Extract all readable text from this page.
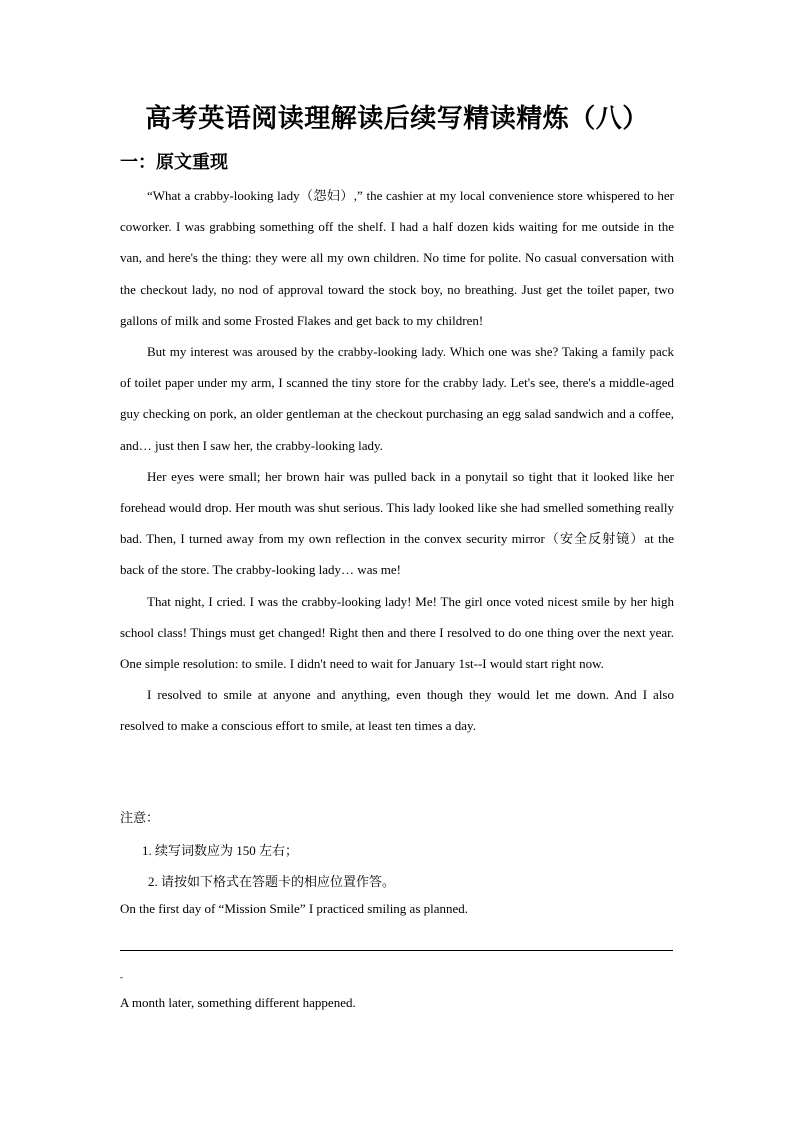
高考英语阅读理解读后续写精读精炼（八）
一：原文重现

“What a crabby-looking lady（怨妇）,” the cashier at my local convenience store whispered to her coworker. I was grabbing something off the shelf. I had a half dozen kids waiting for me outside in the van, and here's the thing: they were all my own children. No time for polite. No casual conversation with the checkout lady, no nod of approval toward the stock boy, no breathing. Just get the toilet paper, two gallons of milk and some Frosted Flakes and get back to my children!

But my interest was aroused by the crabby-looking lady. Which one was she? Taking a family pack of toilet paper under my arm, I scanned the tiny store for the crabby lady. Let's see, there's a middle-aged guy checking on pork, an older gentleman at the checkout purchasing an egg salad sandwich and a coffee, and… just then I saw her, the crabby-looking lady.

Her eyes were small; her brown hair was pulled back in a ponytail so tight that it looked like her forehead would drop. Her mouth was shut serious. This lady looked like she had smelled something really bad. Then, I turned away from my own reflection in the convex security mirror（安全反射镜）at the back of the store. The crabby-looking lady… was me!

That night, I cried. I was the crabby-looking lady! Me! The girl once voted nicest smile by her high school class! Things must get changed! Right then and there I resolved to do one thing over the next year. One simple resolution: to smile. I didn't need to wait for January 1st--I would start right now.

I resolved to smile at anyone and anything, even though they would let me down. And I also resolved to make a conscious effort to smile, at least ten times a day.

注意：
1. 续写词数应为 150 左右；
2. 请按如下格式在答题卡的相应位置作答。
On the first day of “Mission Smile” I practiced smiling as planned.
-
A month later, something different happened.
